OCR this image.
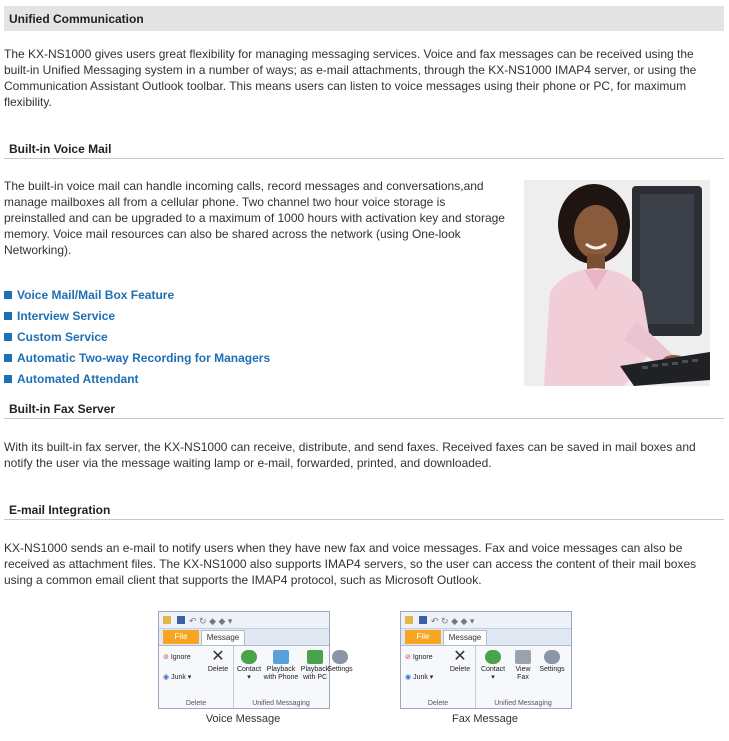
Unified Communication

The KX-NS1000 gives users great flexibility for managing messaging services. Voice and fax messages can be received using the built-in Unified Messaging system in a number of ways; as e-mail attachments, through the KX-NS1000 IMAP4 server, or using the Communication Assistant Outlook toolbar. This means users can listen to voice messages using their phone or PC, for maximum flexibility.

Built-in Voice Mail

The built-in voice mail can handle incoming calls, record messages and conversations,and manage mailboxes all from a cellular phone. Two channel two hour voice storage is preinstalled and can be upgraded to a maximum of 1000 hours with activation key and storage memory. Voice mail resources can also be shared across the network (using One-look Networking).

Voice Mail/Mail Box Feature
Interview Service
Custom Service
Automatic Two-way Recording for Managers
Automated Attendant
Built-in Fax Server

With its built-in fax server, the KX-NS1000 can receive, distribute, and send faxes. Received faxes can be saved in mail boxes and notify the user via the message waiting lamp or e-mail, forwarded, printed, and downloaded.

E-mail Integration

KX-NS1000 sends an e-mail to notify users when they have new fax and voice messages. Fax and voice messages can also be received as attachment files. The KX-NS1000 also supports IMAP4 servers, so the user can access the content of their mail boxes using a common email client that supports the IMAP4 protocol, such as Microsoft Outlook.

↶ ↻ ◆ ◆ ▾
File	Message
⊘ Ignore
◉ Junk ▾
✕
Delete
Delete
Contact
▾
Playback with Phone
Playback with PC
Settings
Unified Messaging
Voice Message
↶ ↻ ◆ ◆ ▾
File	Message
⊘ Ignore
◉ Junk ▾
✕
Delete
Delete
Contact
▾
View Fax
Settings
Unified Messaging
Fax Message
